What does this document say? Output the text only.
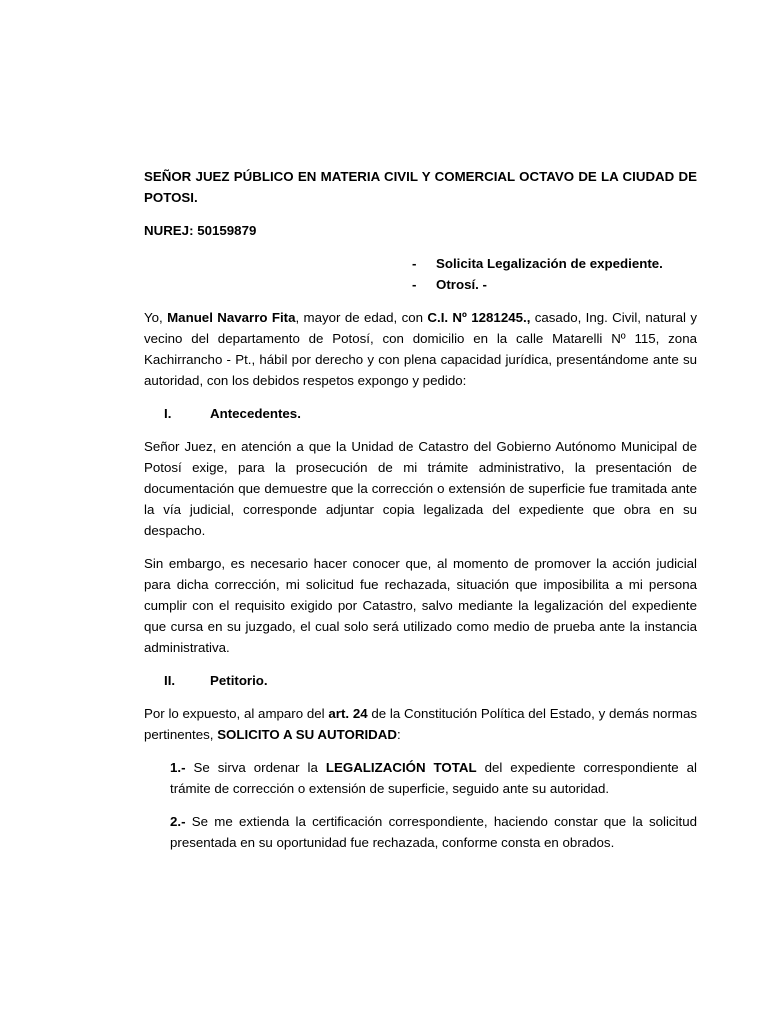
SEÑOR JUEZ PÚBLICO EN MATERIA CIVIL Y COMERCIAL OCTAVO DE LA CIUDAD DE POTOSI.

NUREJ: 50159879

-	Solicita Legalización de expediente.
-	Otrosí. -

Yo, Manuel Navarro Fita, mayor de edad, con C.I. Nº 1281245., casado, Ing. Civil, natural y vecino del departamento de Potosí, con domicilio en la calle Matarelli Nº 115, zona Kachirrancho - Pt., hábil por derecho y con plena capacidad jurídica, presentándome ante su autoridad, con los debidos respetos expongo y pedido:

I.	Antecedentes.

Señor Juez, en atención a que la Unidad de Catastro del Gobierno Autónomo Municipal de Potosí exige, para la prosecución de mi trámite administrativo, la presentación de documentación que demuestre que la corrección o extensión de superficie fue tramitada ante la vía judicial, corresponde adjuntar copia legalizada del expediente que obra en su despacho.

Sin embargo, es necesario hacer conocer que, al momento de promover la acción judicial para dicha corrección, mi solicitud fue rechazada, situación que imposibilita a mi persona cumplir con el requisito exigido por Catastro, salvo mediante la legalización del expediente que cursa en su juzgado, el cual solo será utilizado como medio de prueba ante la instancia administrativa.

II.	Petitorio.

Por lo expuesto, al amparo del art. 24 de la Constitución Política del Estado, y demás normas pertinentes, SOLICITO A SU AUTORIDAD:

1.- Se sirva ordenar la LEGALIZACIÓN TOTAL del expediente correspondiente al trámite de corrección o extensión de superficie, seguido ante su autoridad.

2.- Se me extienda la certificación correspondiente, haciendo constar que la solicitud presentada en su oportunidad fue rechazada, conforme consta en obrados.
